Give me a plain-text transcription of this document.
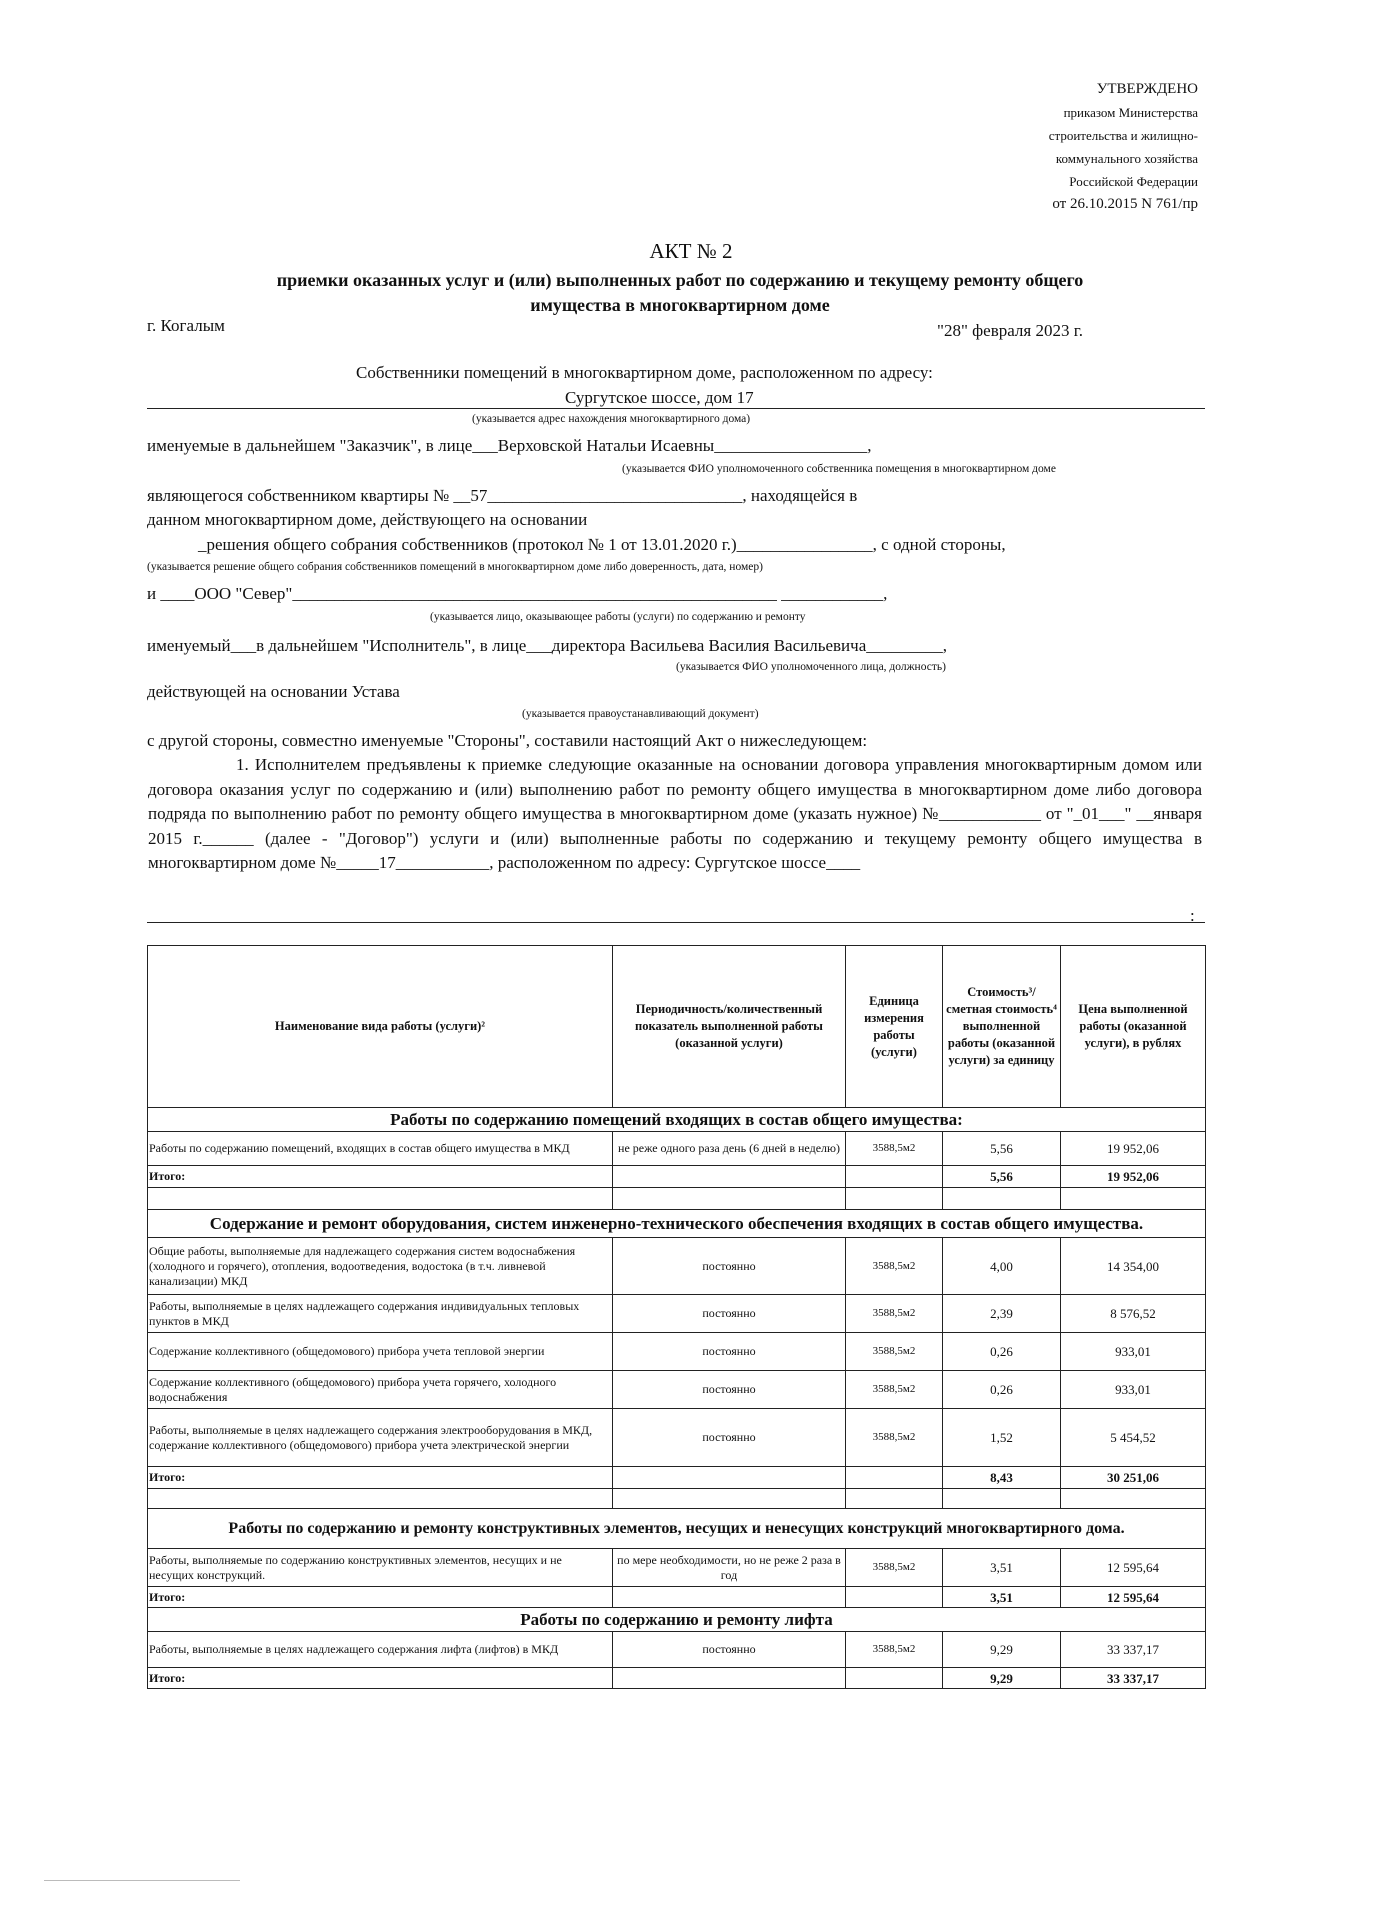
УТВЕРЖДЕНО
приказом Министерства
строительства и жилищно-
коммунального хозяйства
Российской Федерации
от 26.10.2015 N 761/пр
АКТ № 2
приемки оказанных услуг и (или) выполненных работ по содержанию и текущему ремонту общего
имущества в многоквартирном доме
г. Когалым	"28" февраля 2023 г.
Собственники помещений в многоквартирном доме, расположенном по адресу:
Сургутское шоссе, дом 17
(указывается адрес нахождения многоквартирного дома)
именуемые в дальнейшем "Заказчик", в лице___Верховской Натальи Исаевны__________________,
(указывается ФИО уполномоченного собственника помещения в многоквартирном доме
являющегося собственником квартиры № __57______________________________, находящейся в
данном многоквартирном доме, действующего на основании
_решения общего собрания собственников (протокол № 1 от 13.01.2020 г.)________________, с одной стороны,
(указывается решение общего собрания собственников помещений в многоквартирном доме либо доверенность, дата, номер)
и ____ООО "Север"_________________________________________________________ ____________,
(указывается лицо, оказывающее работы (услуги) по содержанию и ремонту
именуемый___в дальнейшем "Исполнитель", в лице___директора Васильева Василия Васильевича_________,
(указывается ФИО уполномоченного лица, должность)
действующей на основании Устава
(указывается правоустанавливающий документ)
с другой стороны, совместно именуемые "Стороны", составили настоящий Акт о нижеследующем:

1. Исполнителем предъявлены к приемке следующие оказанные на основании договора управления многоквартирным домом или договора оказания услуг по содержанию и (или) выполнению работ по ремонту общего имущества в многоквартирном доме либо договора подряда по выполнению работ по ремонту общего имущества в многоквартирном доме (указать нужное) №____________ от "_01___" __января 2015 г.______ (далее - "Договор") услуги и (или) выполненные работы по содержанию и текущему ремонту общего имущества в многоквартирном доме №_____17___________, расположенном по адресу: Сургутское шоссе____

:
Наименование вида работы (услуги)²	Периодичность/количественный показатель выполненной работы (оказанной услуги)	Единица измерения работы (услуги)	Стоимость³/сметная стоимость⁴ выполненной работы (оказанной услуги) за единицу	Цена выполненной работы (оказанной услуги), в рублях
Работы по содержанию помещений входящих в состав общего имущества:				
Работы по содержанию помещений, входящих в состав общего имущества в МКД	не реже одного раза день (6 дней в неделю)	3588,5м2	5,56	19 952,06
Итого:			5,56	19 952,06

Содержание и ремонт оборудования, систем инженерно-технического обеспечения входящих в состав общего имущества.				
Общие работы, выполняемые для надлежащего содержания систем водоснабжения (холодного и горячего), отопления, водоотведения, водостока (в т.ч. ливневой канализации) МКД	постоянно	3588,5м2	4,00	14 354,00
Работы, выполняемые в целях надлежащего содержания индивидуальных тепловых пунктов в МКД	постоянно	3588,5м2	2,39	8 576,52
Содержание коллективного (общедомового) прибора учета тепловой энергии	постоянно	3588,5м2	0,26	933,01
Содержание коллективного (общедомового) прибора учета горячего, холодного водоснабжения	постоянно	3588,5м2	0,26	933,01
Работы, выполняемые в целях надлежащего содержания электрооборудования в МКД, содержание коллективного (общедомового) прибора учета электрической энергии	постоянно	3588,5м2	1,52	5 454,52
Итого:			8,43	30 251,06

Работы по содержанию и ремонту конструктивных элементов, несущих и ненесущих конструкций многоквартирного дома.				
Работы, выполняемые по содержанию конструктивных элементов, несущих и не несущих конструкций.	по мере необходимости, но не реже 2 раза в год	3588,5м2	3,51	12 595,64
Итого:			3,51	12 595,64
Работы по содержанию и ремонту лифта				
Работы, выполняемые в целях надлежащего содержания лифта (лифтов) в МКД	постоянно	3588,5м2	9,29	33 337,17
Итого:			9,29	33 337,17
